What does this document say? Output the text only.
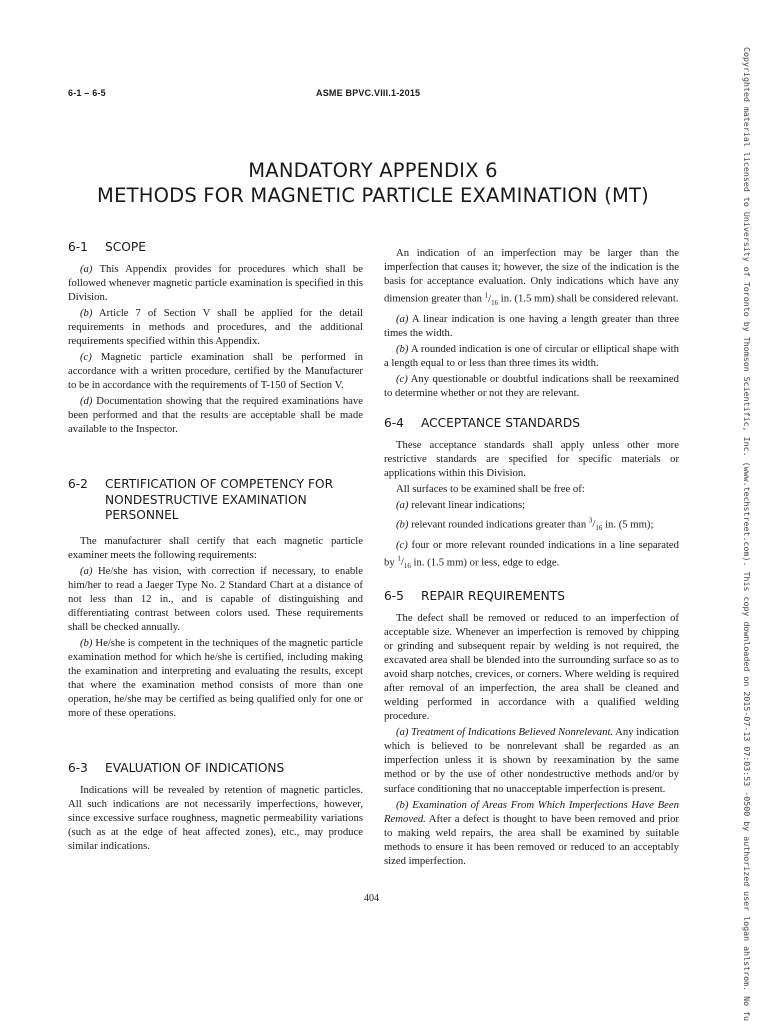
6-1 – 6-5	ASME BPVC.VIII.1-2015
MANDATORY APPENDIX 6
METHODS FOR MAGNETIC PARTICLE EXAMINATION (MT)
6-1	SCOPE

(a) This Appendix provides for procedures which shall be followed whenever magnetic particle examination is specified in this Division.

(b) Article 7 of Section V shall be applied for the detail requirements in methods and procedures, and the additional requirements specified within this Appendix.

(c) Magnetic particle examination shall be performed in accordance with a written procedure, certified by the Manufacturer to be in accordance with the requirements of T-150 of Section V.

(d) Documentation showing that the required examinations have been performed and that the results are acceptable shall be made available to the Inspector.

6-2	CERTIFICATION OF COMPETENCY FOR NONDESTRUCTIVE EXAMINATION PERSONNEL

The manufacturer shall certify that each magnetic particle examiner meets the following requirements:

(a) He/she has vision, with correction if necessary, to enable him/her to read a Jaeger Type No. 2 Standard Chart at a distance of not less than 12 in., and is capable of distinguishing and differentiating contrast between colors used. These requirements shall be checked annually.

(b) He/she is competent in the techniques of the magnetic particle examination method for which he/she is certified, including making the examination and interpreting and evaluating the results, except that where the examination method consists of more than one operation, he/she may be certified as being qualified only for one or more of these operations.

6-3	EVALUATION OF INDICATIONS

Indications will be revealed by retention of magnetic particles. All such indications are not necessarily imperfections, however, since excessive surface roughness, magnetic permeability variations (such as at the edge of heat affected zones), etc., may produce similar indications.

An indication of an imperfection may be larger than the imperfection that causes it; however, the size of the indication is the basis for acceptance evaluation. Only indications which have any dimension greater than $^1/_{16}$ in. (1.5 mm) shall be considered relevant.

(a) A linear indication is one having a length greater than three times the width.

(b) A rounded indication is one of circular or elliptical shape with a length equal to or less than three times its width.

(c) Any questionable or doubtful indications shall be reexamined to determine whether or not they are relevant.

6-4	ACCEPTANCE STANDARDS

These acceptance standards shall apply unless other more restrictive standards are specified for specific materials or applications within this Division.

All surfaces to be examined shall be free of:

(a) relevant linear indications;

(b) relevant rounded indications greater than $^3/_{16}$ in. (5 mm);

(c) four or more relevant rounded indications in a line separated by $^1/_{16}$ in. (1.5 mm) or less, edge to edge.

6-5	REPAIR REQUIREMENTS

The defect shall be removed or reduced to an imperfection of acceptable size. Whenever an imperfection is removed by chipping or grinding and subsequent repair by welding is not required, the excavated area shall be blended into the surrounding surface so as to avoid sharp notches, crevices, or corners. Where welding is required after removal of an imperfection, the area shall be cleaned and welding performed in accordance with a qualified welding procedure.

(a) Treatment of Indications Believed Nonrelevant. Any indication which is believed to be nonrelevant shall be regarded as an imperfection unless it is shown by reexamination by the same method or by the use of other nondestructive methods and/or by surface conditioning that no unacceptable imperfection is present.

(b) Examination of Areas From Which Imperfections Have Been Removed. After a defect is thought to have been removed and prior to making weld repairs, the area shall be examined by suitable methods to ensure it has been removed or reduced to an acceptably sized imperfection.

404	Copyrighted material licensed to University of Toronto by Thomson Scientific, Inc. (www.techstreet.com). This copy downloaded on 2015-07-13 07:03:53 -0500 by authorized user logan ahlstrom. No fu
